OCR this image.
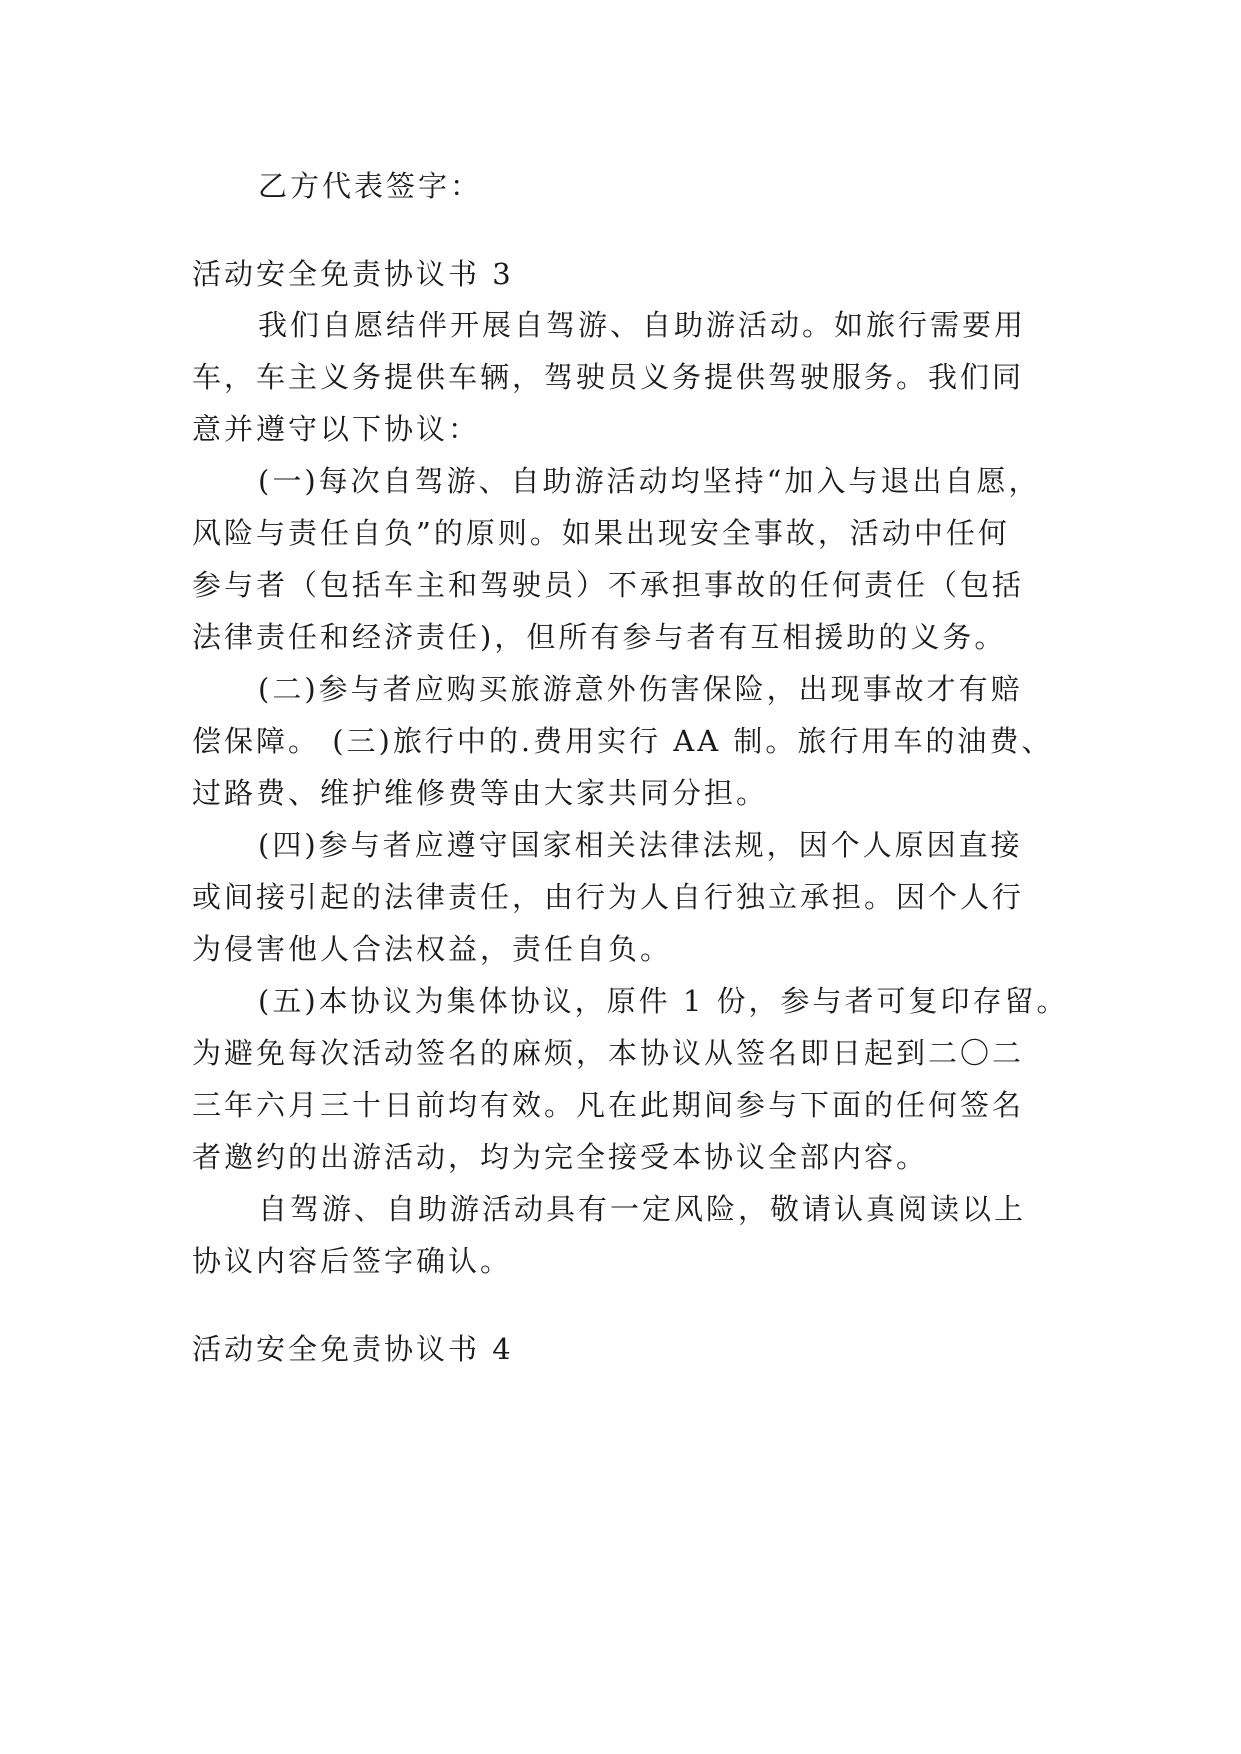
乙方代表签字：
活动安全免责协议书 3
我们自愿结伴开展自驾游、自助游活动。如旅行需要用
车，车主义务提供车辆，驾驶员义务提供驾驶服务。我们同
意并遵守以下协议：
(一)每次自驾游、自助游活动均坚持“加入与退出自愿，
风险与责任自负”的原则。如果出现安全事故，活动中任何
参与者（包括车主和驾驶员）不承担事故的任何责任（包括
法律责任和经济责任)，但所有参与者有互相援助的义务。
(二)参与者应购买旅游意外伤害保险，出现事故才有赔
偿保障。 (三)旅行中的.费用实行 AA 制。旅行用车的油费、
过路费、维护维修费等由大家共同分担。
(四)参与者应遵守国家相关法律法规，因个人原因直接
或间接引起的法律责任，由行为人自行独立承担。因个人行
为侵害他人合法权益，责任自负。
(五)本协议为集体协议，原件 1 份，参与者可复印存留。
为避免每次活动签名的麻烦，本协议从签名即日起到二〇二
三年六月三十日前均有效。凡在此期间参与下面的任何签名
者邀约的出游活动，均为完全接受本协议全部内容。
自驾游、自助游活动具有一定风险，敬请认真阅读以上
协议内容后签字确认。
活动安全免责协议书 4
